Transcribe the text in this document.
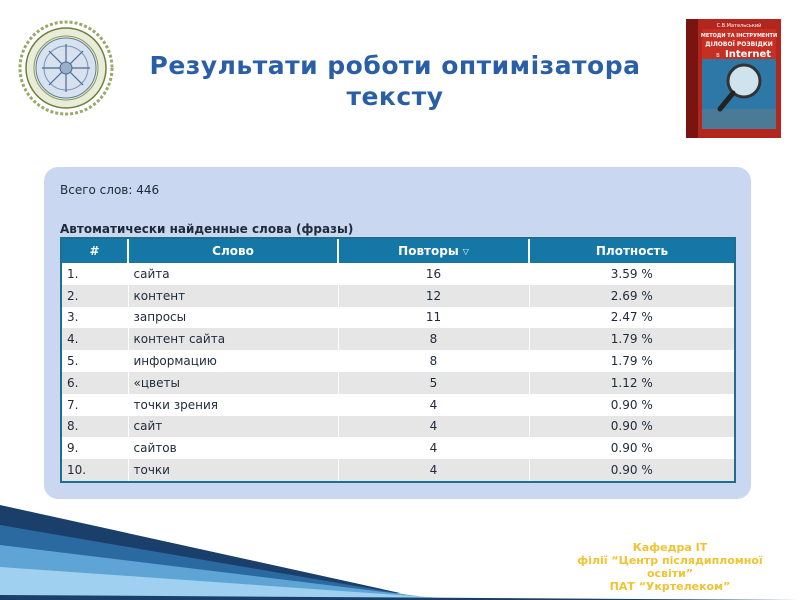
Результати роботи оптимізатора
тексту
С.В.Мательський
МЕТОДИ ТА ІНСТРУМЕНТИ
ДІЛОВОЇ РОЗВІДКИ
В Internet
Всего слов: 446
Автоматически найденные слова (фразы)
#	Слово	Повторы ▽	Плотность
1.	сайта	16	3.59 %
2.	контент	12	2.69 %
3.	запросы	11	2.47 %
4.	контент сайта	8	1.79 %
5.	информацию	8	1.79 %
6.	«цветы	5	1.12 %
7.	точки зрения	4	0.90 %
8.	сайт	4	0.90 %
9.	сайтов	4	0.90 %
10.	точки	4	0.90 %
Кафедра ІТ
філії “Центр післядипломної освіти”
ПАТ “Укртелеком”
